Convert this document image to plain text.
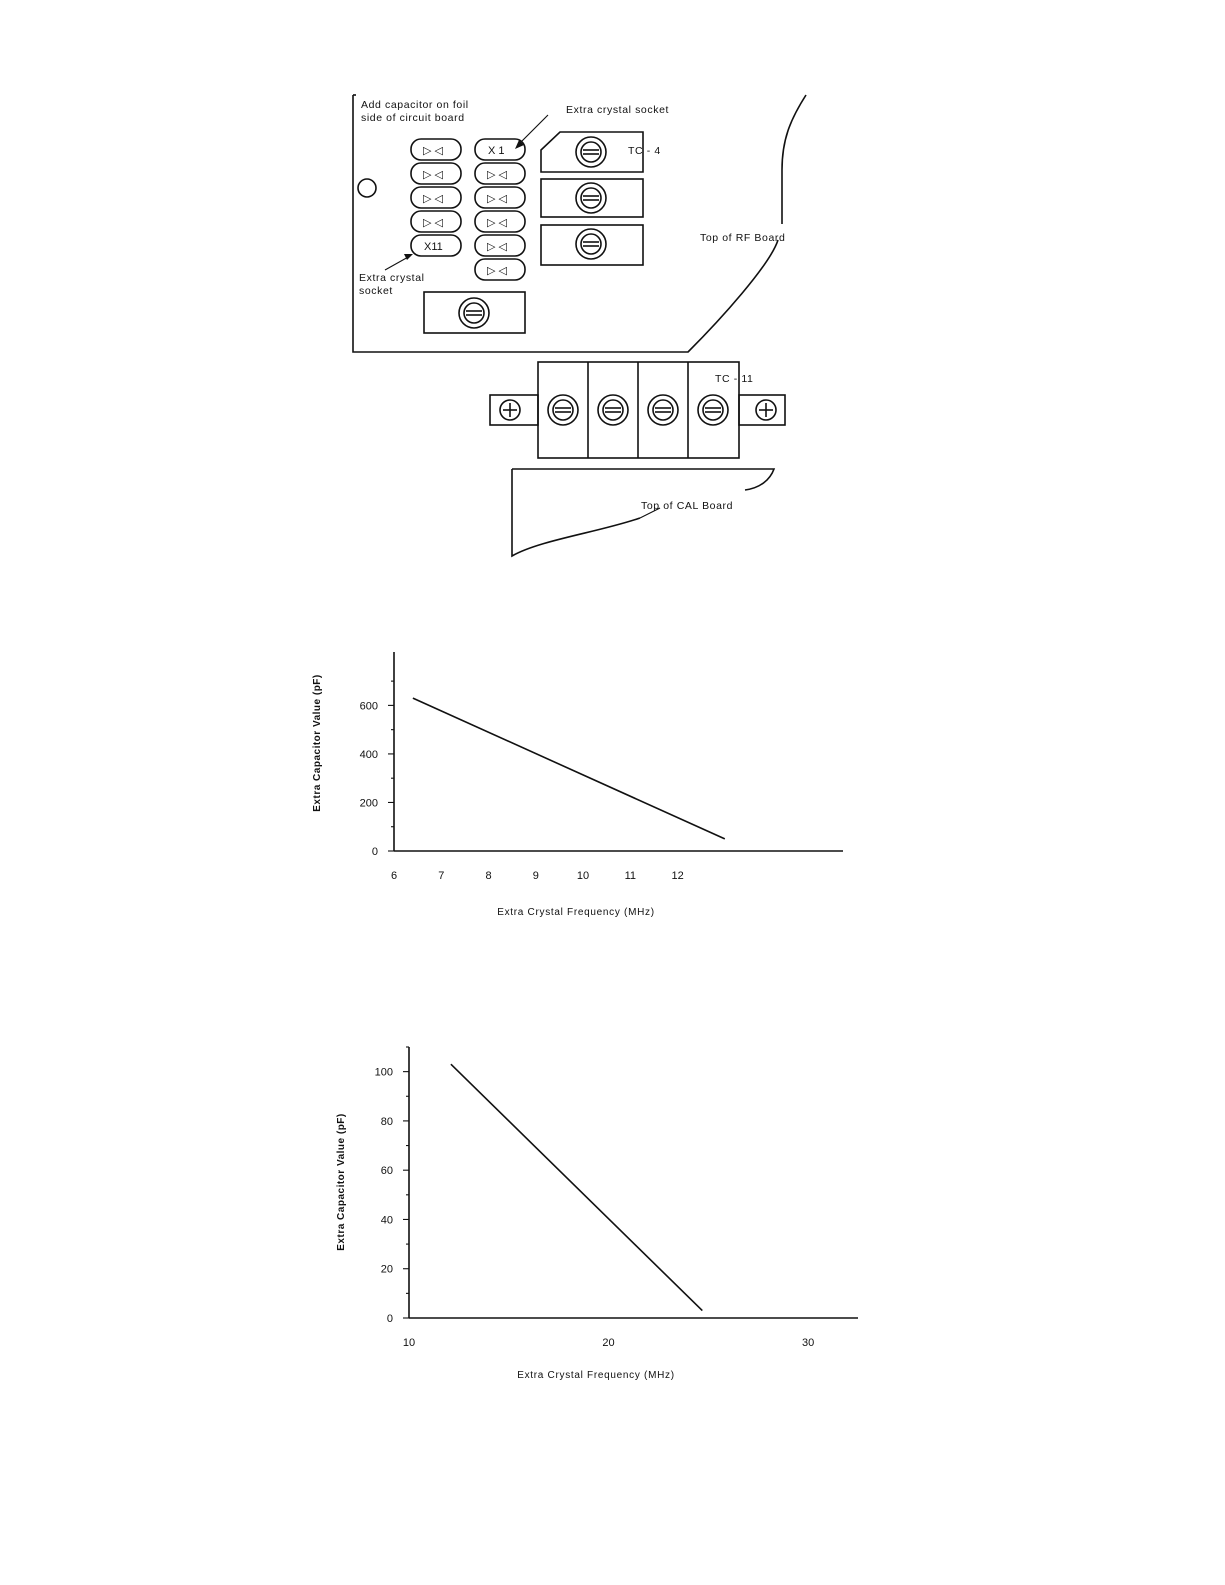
Add capacitor on foil
side of circuit board
Extra crystal socket
▷ ◁
▷ ◁
▷ ◁
▷ ◁
X11
X 1
▷ ◁
▷ ◁
▷ ◁
▷ ◁
▷ ◁
Extra crystal
socket
TC - 4
Top of RF Board
TC - 11
Top of CAL Board
0
200
400
600
6	7	8	9	10	11	12
Extra Crystal Frequency (MHz)
Extra Capacitor Value (pF)
0
20
40
60
80
100
10	20	30
Extra Crystal Frequency (MHz)
Extra Capacitor Value (pF)
